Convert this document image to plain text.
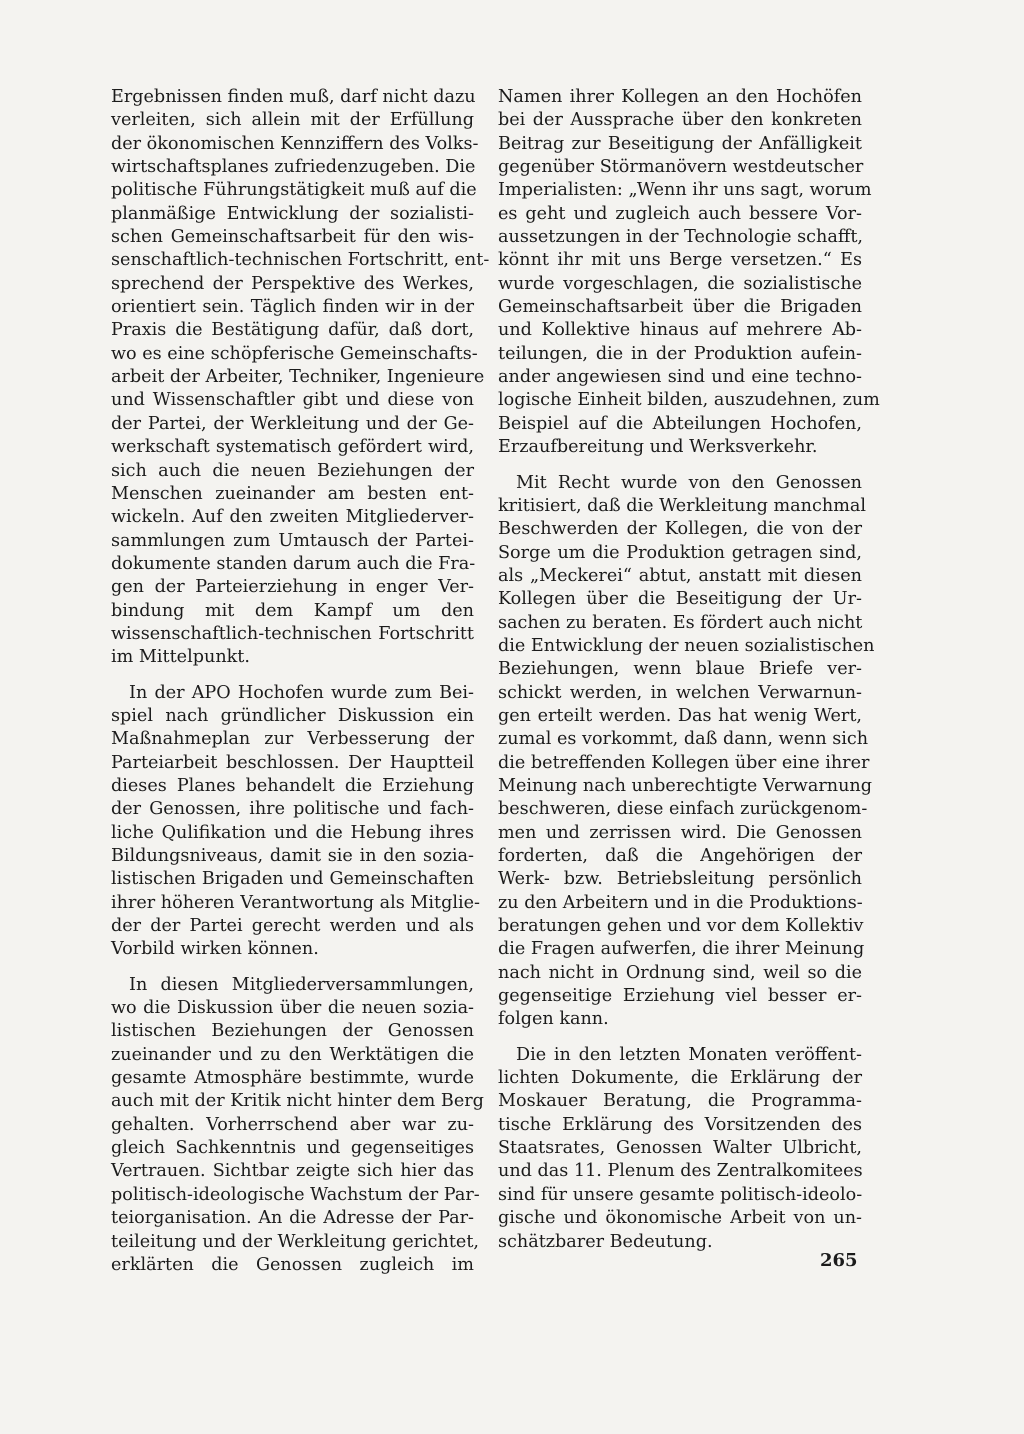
Ergebnissen finden muß, darf nicht dazu
verleiten, sich allein mit der Erfüllung
der ökonomischen Kennziffern des Volks-
wirtschaftsplanes zufriedenzugeben. Die
politische Führungstätigkeit muß auf die
planmäßige Entwicklung der sozialisti-
schen Gemeinschaftsarbeit für den wis-
senschaftlich-technischen Fortschritt, ent-
sprechend der Perspektive des Werkes,
orientiert sein. Täglich finden wir in der
Praxis die Bestätigung dafür, daß dort,
wo es eine schöpferische Gemeinschafts-
arbeit der Arbeiter, Techniker, Ingenieure
und Wissenschaftler gibt und diese von
der Partei, der Werkleitung und der Ge-
werkschaft systematisch gefördert wird,
sich auch die neuen Beziehungen der
Menschen zueinander am besten ent-
wickeln. Auf den zweiten Mitgliederver-
sammlungen zum Umtausch der Partei-
dokumente standen darum auch die Fra-
gen der Parteierziehung in enger Ver-
bindung mit dem Kampf um den
wissenschaftlich-technischen Fortschritt
im Mittelpunkt.
In der APO Hochofen wurde zum Bei-
spiel nach gründlicher Diskussion ein
Maßnahmeplan zur Verbesserung der
Parteiarbeit beschlossen. Der Hauptteil
dieses Planes behandelt die Erziehung
der Genossen, ihre politische und fach-
liche Qulifikation und die Hebung ihres
Bildungsniveaus, damit sie in den sozia-
listischen Brigaden und Gemeinschaften
ihrer höheren Verantwortung als Mitglie-
der der Partei gerecht werden und als
Vorbild wirken können.
In diesen Mitgliederversammlungen,
wo die Diskussion über die neuen sozia-
listischen Beziehungen der Genossen
zueinander und zu den Werktätigen die
gesamte Atmosphäre bestimmte, wurde
auch mit der Kritik nicht hinter dem Berg
gehalten. Vorherrschend aber war zu-
gleich Sachkenntnis und gegenseitiges
Vertrauen. Sichtbar zeigte sich hier das
politisch-ideologische Wachstum der Par-
teiorganisation. An die Adresse der Par-
teileitung und der Werkleitung gerichtet,
erklärten die Genossen zugleich im
Namen ihrer Kollegen an den Hochöfen
bei der Aussprache über den konkreten
Beitrag zur Beseitigung der Anfälligkeit
gegenüber Störmanövern westdeutscher
Imperialisten: „Wenn ihr uns sagt, worum
es geht und zugleich auch bessere Vor-
aussetzungen in der Technologie schafft,
könnt ihr mit uns Berge versetzen.“ Es
wurde vorgeschlagen, die sozialistische
Gemeinschaftsarbeit über die Brigaden
und Kollektive hinaus auf mehrere Ab-
teilungen, die in der Produktion aufein-
ander angewiesen sind und eine techno-
logische Einheit bilden, auszudehnen, zum
Beispiel auf die Abteilungen Hochofen,
Erzaufbereitung und Werksverkehr.
Mit Recht wurde von den Genossen
kritisiert, daß die Werkleitung manchmal
Beschwerden der Kollegen, die von der
Sorge um die Produktion getragen sind,
als „Meckerei“ abtut, anstatt mit diesen
Kollegen über die Beseitigung der Ur-
sachen zu beraten. Es fördert auch nicht
die Entwicklung der neuen sozialistischen
Beziehungen, wenn blaue Briefe ver-
schickt werden, in welchen Verwarnun-
gen erteilt werden. Das hat wenig Wert,
zumal es vorkommt, daß dann, wenn sich
die betreffenden Kollegen über eine ihrer
Meinung nach unberechtigte Verwarnung
beschweren, diese einfach zurückgenom-
men und zerrissen wird. Die Genossen
forderten, daß die Angehörigen der
Werk- bzw. Betriebsleitung persönlich
zu den Arbeitern und in die Produktions-
beratungen gehen und vor dem Kollektiv
die Fragen aufwerfen, die ihrer Meinung
nach nicht in Ordnung sind, weil so die
gegenseitige Erziehung viel besser er-
folgen kann.
Die in den letzten Monaten veröffent-
lichten Dokumente, die Erklärung der
Moskauer Beratung, die Programma-
tische Erklärung des Vorsitzenden des
Staatsrates, Genossen Walter Ulbricht,
und das 11. Plenum des Zentralkomitees
sind für unsere gesamte politisch-ideolo-
gische und ökonomische Arbeit von un-
schätzbarer Bedeutung.
265
